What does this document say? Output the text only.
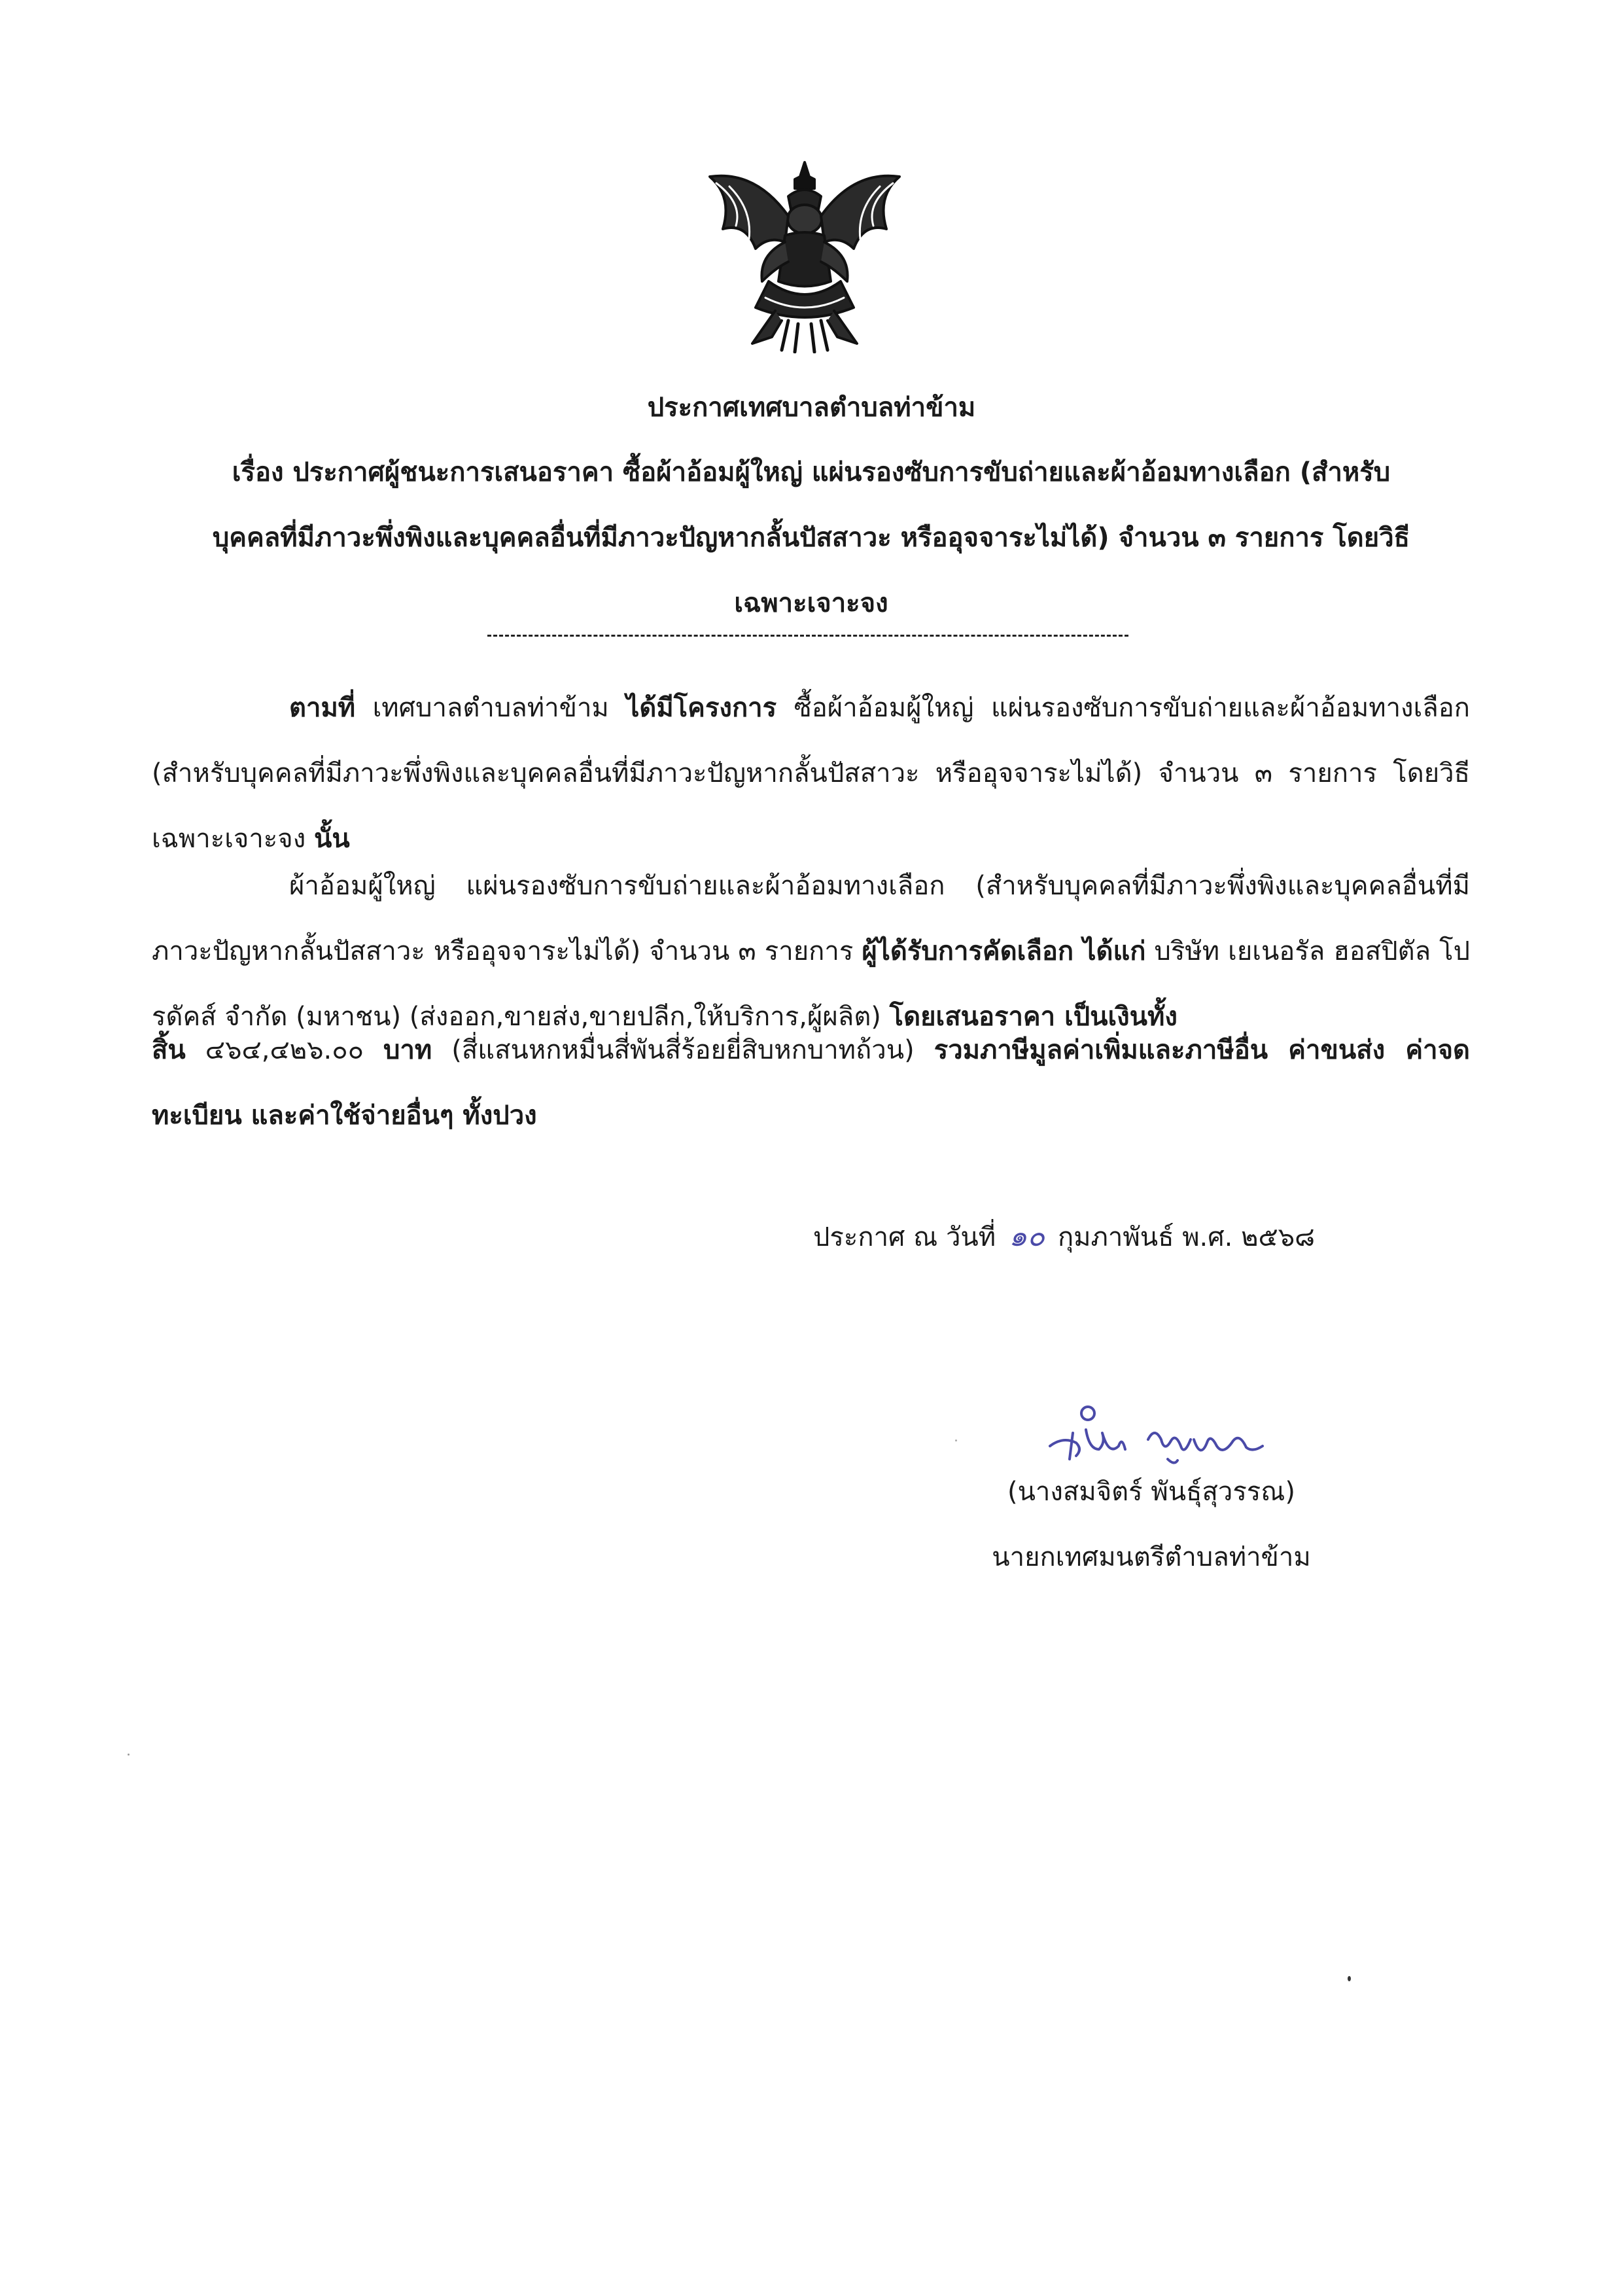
ประกาศเทศบาลตำบลท่าข้าม
เรื่อง ประกาศผู้ชนะการเสนอราคา ซื้อผ้าอ้อมผู้ใหญ่ แผ่นรองซับการขับถ่ายและผ้าอ้อมทางเลือก (สำหรับ
บุคคลที่มีภาวะพึ่งพิงและบุคคลอื่นที่มีภาวะปัญหากลั้นปัสสาวะ หรืออุจจาระไม่ได้) จำนวน ๓ รายการ โดยวิธี
เฉพาะเจาะจง
ตามที่ เทศบาลตำบลท่าข้าม ได้มีโครงการ ซื้อผ้าอ้อมผู้ใหญ่ แผ่นรองซับการขับถ่ายและผ้าอ้อมทางเลือก (สำหรับบุคคลที่มีภาวะพึ่งพิงและบุคคลอื่นที่มีภาวะปัญหากลั้นปัสสาวะ หรืออุจจาระไม่ได้) จำนวน ๓ รายการ โดยวิธีเฉพาะเจาะจง นั้น
ผ้าอ้อมผู้ใหญ่ แผ่นรองซับการขับถ่ายและผ้าอ้อมทางเลือก (สำหรับบุคคลที่มีภาวะพึ่งพิงและบุคคลอื่นที่มีภาวะปัญหากลั้นปัสสาวะ หรืออุจจาระไม่ได้) จำนวน ๓ รายการ ผู้ได้รับการคัดเลือก ได้แก่ บริษัท เยเนอรัล ฮอสปิตัล โปรดัคส์ จำกัด (มหาชน) (ส่งออก,ขายส่ง,ขายปลีก,ให้บริการ,ผู้ผลิต) โดยเสนอราคา เป็นเงินทั้ง
สิ้น ๔๖๔,๔๒๖.๐๐ บาท (สี่แสนหกหมื่นสี่พันสี่ร้อยยี่สิบหกบาทถ้วน) รวมภาษีมูลค่าเพิ่มและภาษีอื่น ค่าขนส่ง ค่าจดทะเบียน และค่าใช้จ่ายอื่นๆ ทั้งปวง
ประกาศ ณ วันที่ ๑๐ กุมภาพันธ์ พ.ศ. ๒๕๖๘
(นางสมจิตร์ พันธุ์สุวรรณ)
นายกเทศมนตรีตำบลท่าข้าม
